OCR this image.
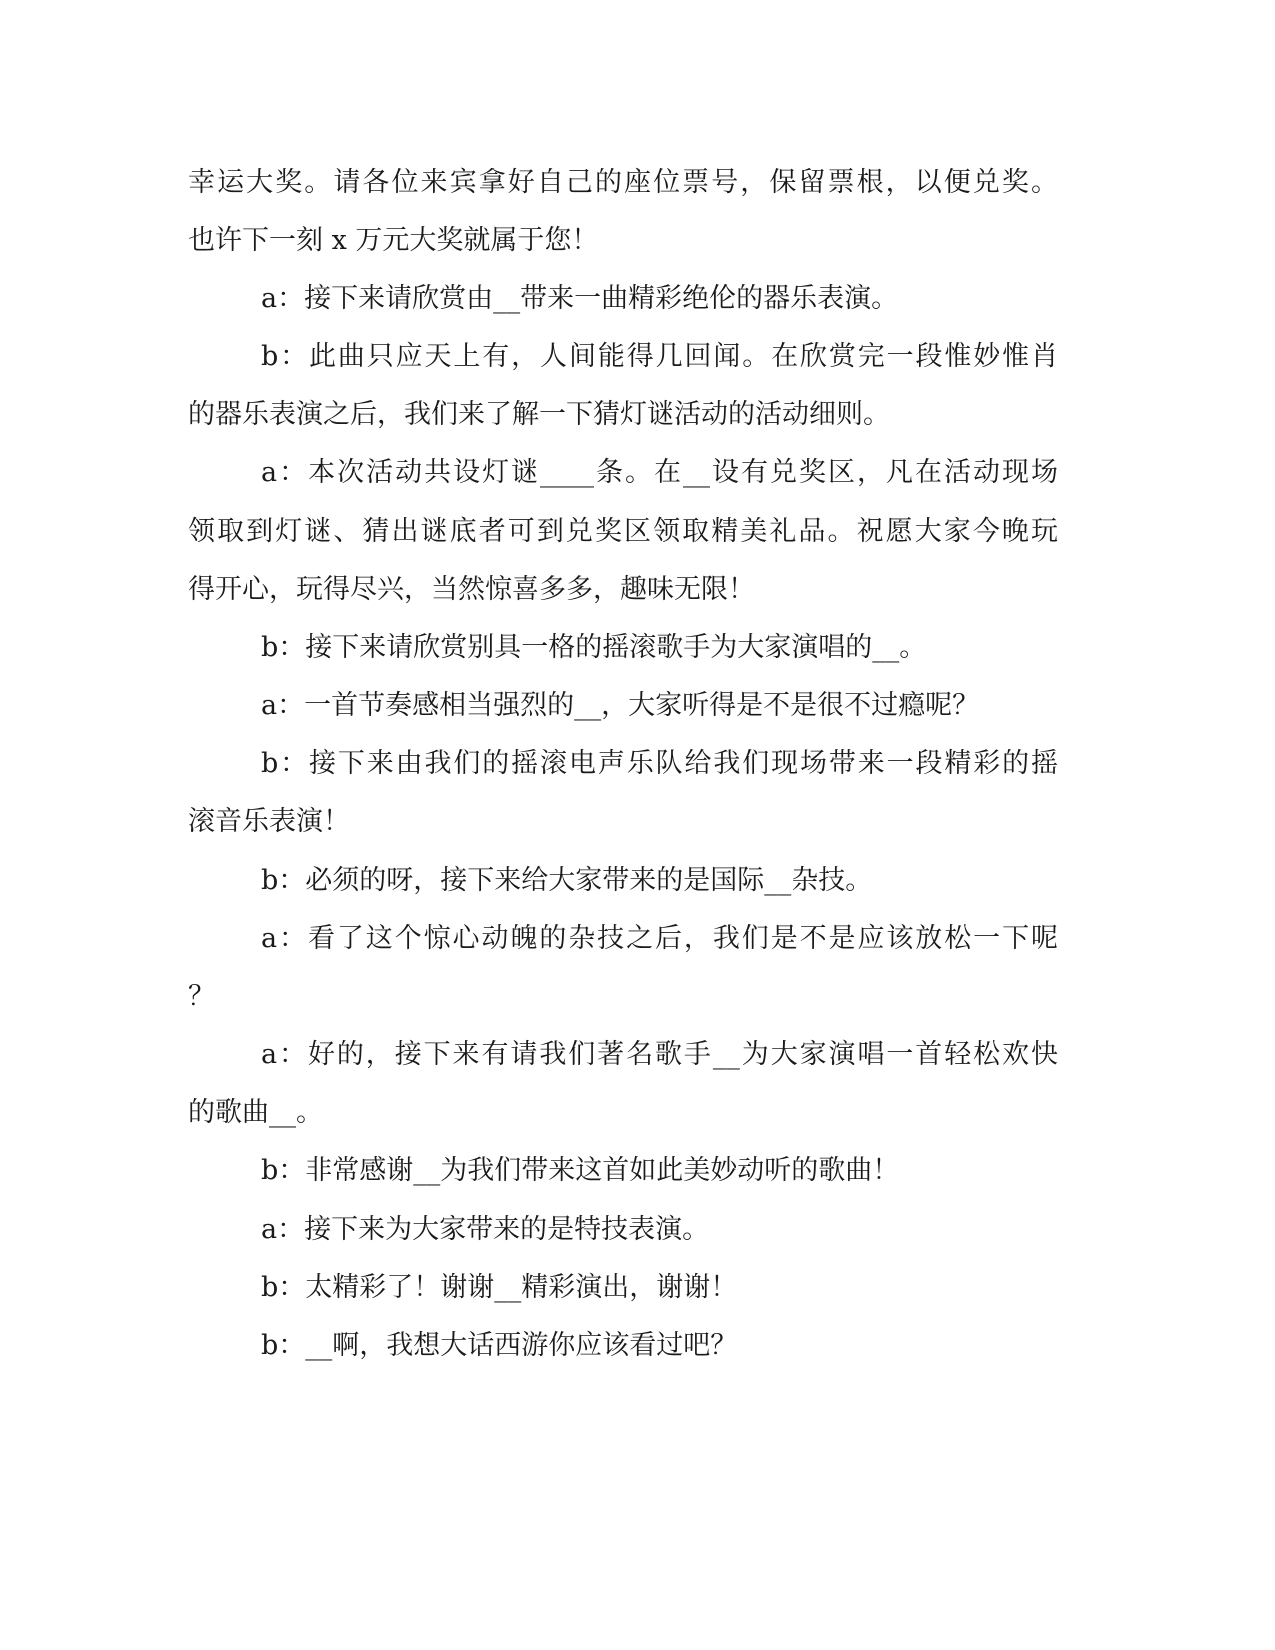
幸运大奖。请各位来宾拿好自己的座位票号，保留票根，以便兑奖。
也许下一刻 x 万元大奖就属于您！
a：接下来请欣赏由__带来一曲精彩绝伦的器乐表演。
b：此曲只应天上有，人间能得几回闻。在欣赏完一段惟妙惟肖
的器乐表演之后，我们来了解一下猜灯谜活动的活动细则。
a：本次活动共设灯谜____条。在__设有兑奖区，凡在活动现场
领取到灯谜、猜出谜底者可到兑奖区领取精美礼品。祝愿大家今晚玩
得开心，玩得尽兴，当然惊喜多多，趣味无限！
b：接下来请欣赏别具一格的摇滚歌手为大家演唱的__。
a：一首节奏感相当强烈的__，大家听得是不是很不过瘾呢？
b：接下来由我们的摇滚电声乐队给我们现场带来一段精彩的摇
滚音乐表演！
b：必须的呀，接下来给大家带来的是国际__杂技。
a：看了这个惊心动魄的杂技之后，我们是不是应该放松一下呢
？
a：好的，接下来有请我们著名歌手__为大家演唱一首轻松欢快
的歌曲__。
b：非常感谢__为我们带来这首如此美妙动听的歌曲！
a：接下来为大家带来的是特技表演。
b：太精彩了！谢谢__精彩演出，谢谢！
b：__啊，我想大话西游你应该看过吧？
